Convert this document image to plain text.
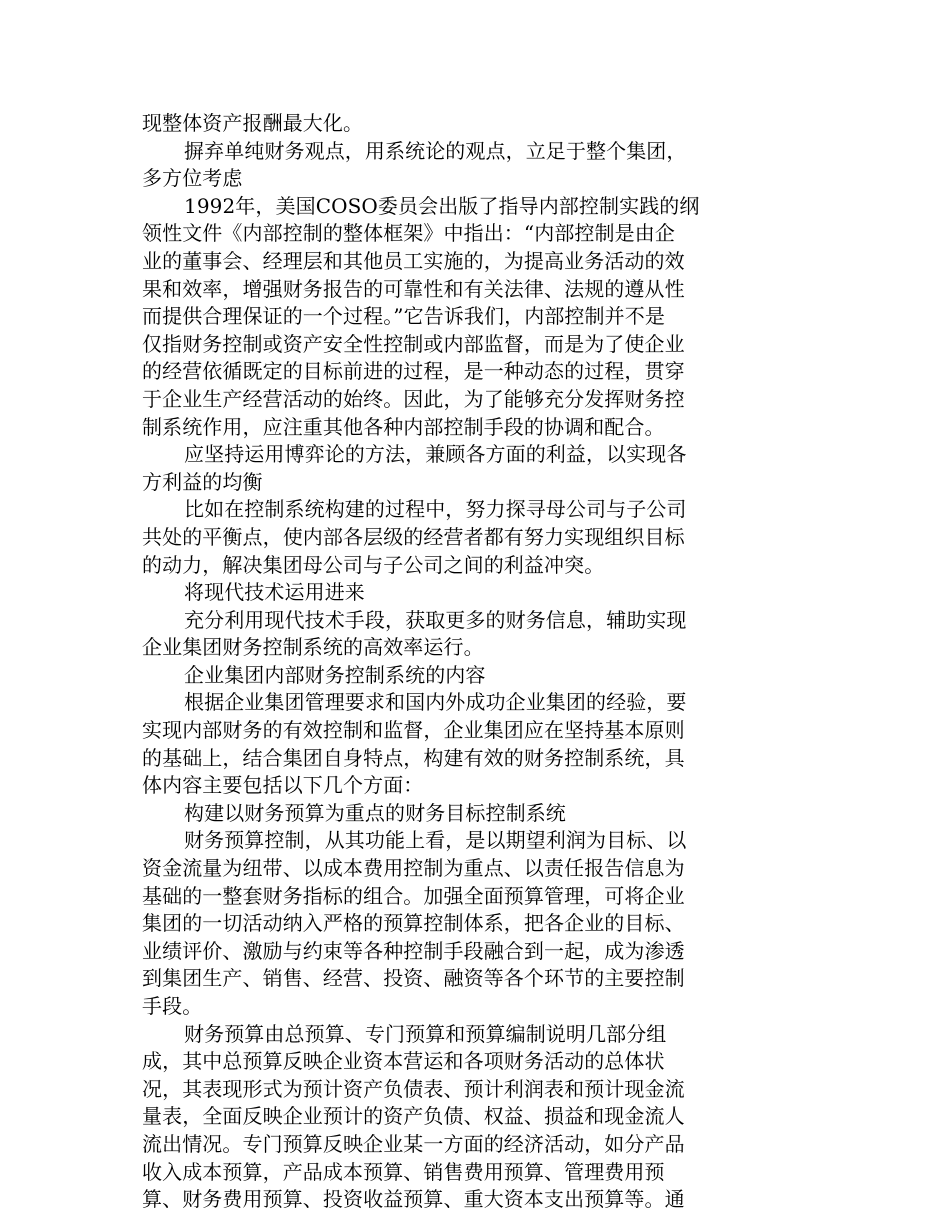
现整体资产报酬最大化。

摒弃单纯财务观点，用系统论的观点，立足于整个集团，
多方位考虑

1992年，美国COSO委员会出版了指导内部控制实践的纲
领性文件《内部控制的整体框架》中指出：“内部控制是由企
业的董事会、经理层和其他员工实施的，为提高业务活动的效
果和效率，增强财务报告的可靠性和有关法律、法规的遵从性
而提供合理保证的一个过程。”它告诉我们，内部控制并不是
仅指财务控制或资产安全性控制或内部监督，而是为了使企业
的经营依循既定的目标前进的过程，是一种动态的过程，贯穿
于企业生产经营活动的始终。因此，为了能够充分发挥财务控
制系统作用，应注重其他各种内部控制手段的协调和配合。

应坚持运用博弈论的方法，兼顾各方面的利益，以实现各
方利益的均衡

比如在控制系统构建的过程中，努力探寻母公司与子公司
共处的平衡点，使内部各层级的经营者都有努力实现组织目标
的动力，解决集团母公司与子公司之间的利益冲突。

将现代技术运用进来

充分利用现代技术手段，获取更多的财务信息，辅助实现
企业集团财务控制系统的高效率运行。

企业集团内部财务控制系统的内容

根据企业集团管理要求和国内外成功企业集团的经验，要
实现内部财务的有效控制和监督，企业集团应在坚持基本原则
的基础上，结合集团自身特点，构建有效的财务控制系统，具
体内容主要包括以下几个方面：

构建以财务预算为重点的财务目标控制系统

财务预算控制，从其功能上看，是以期望利润为目标、以
资金流量为纽带、以成本费用控制为重点、以责任报告信息为
基础的一整套财务指标的组合。加强全面预算管理，可将企业
集团的一切活动纳入严格的预算控制体系，把各企业的目标、
业绩评价、激励与约束等各种控制手段融合到一起，成为渗透
到集团生产、销售、经营、投资、融资等各个环节的主要控制
手段。

财务预算由总预算、专门预算和预算编制说明几部分组
成，其中总预算反映企业资本营运和各项财务活动的总体状
况，其表现形式为预计资产负债表、预计利润表和预计现金流
量表，全面反映企业预计的资产负债、权益、损益和现金流人
流出情况。专门预算反映企业某一方面的经济活动，如分产品
收入成本预算，产品成本预算、销售费用预算、管理费用预
算、财务费用预算、投资收益预算、重大资本支出预算等。通
